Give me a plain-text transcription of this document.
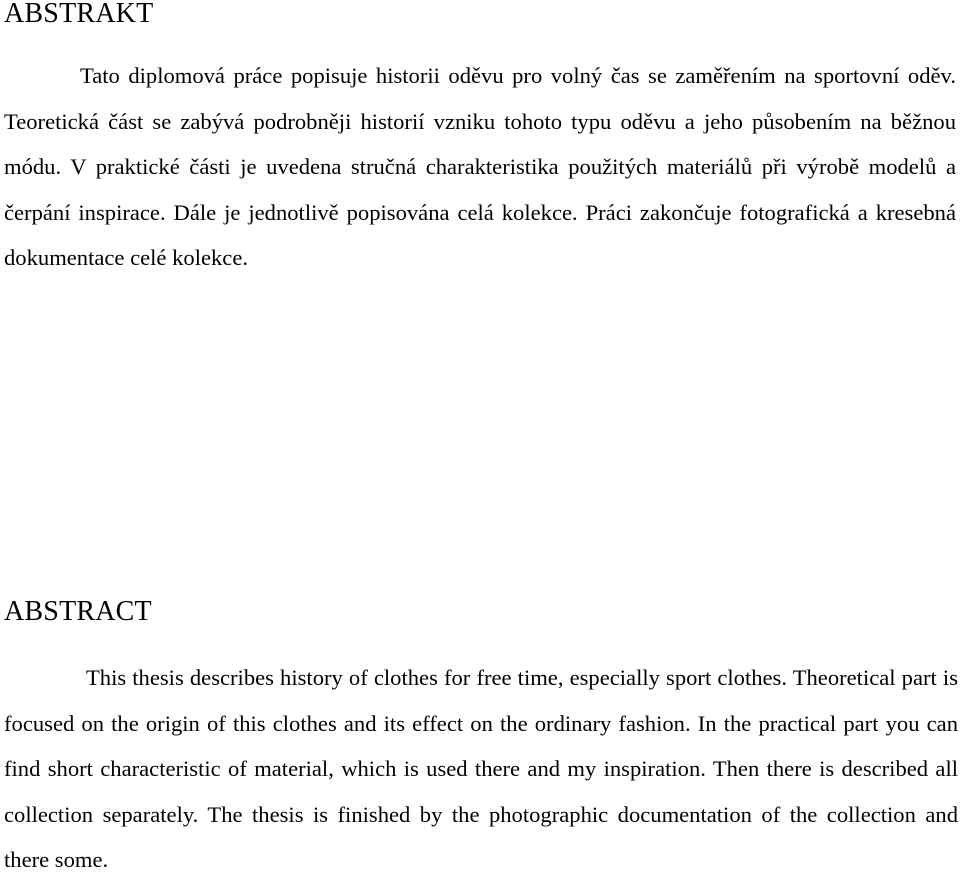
ABSTRAKT

Tato diplomová práce popisuje historii oděvu pro volný čas se zaměřením na sportovní oděv. Teoretická část se zabývá podrobněji historií vzniku tohoto typu oděvu a jeho působením na běžnou módu. V praktické části je uvedena stručná charakteristika použitých materiálů při výrobě modelů a čerpání inspirace. Dále je jednotlivě popisována celá kolekce. Práci zakončuje fotografická a kresebná dokumentace celé kolekce.

ABSTRACT

This thesis describes history of clothes for free time, especially sport clothes. Theoretical part is focused on the origin of this clothes and its effect on the ordinary fashion. In the practical part you can find short characteristic of material, which is used there and my inspiration. Then there is described all collection separately. The thesis is finished by the photographic documentation of the collection and there some.
